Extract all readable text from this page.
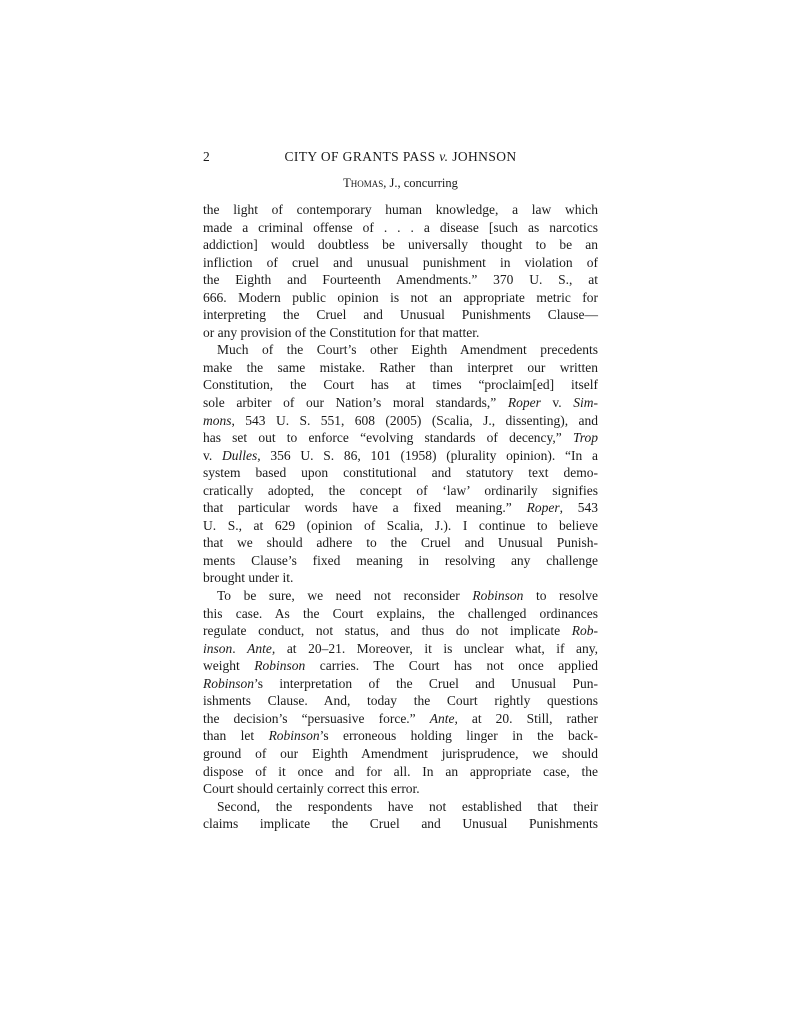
2	CITY OF GRANTS PASS v. JOHNSON
Thomas, J., concurring
the light of contemporary human knowledge, a law which
made a criminal offense of . . . a disease [such as narcotics
addiction] would doubtless be universally thought to be an
infliction of cruel and unusual punishment in violation of
the Eighth and Fourteenth Amendments.” 370 U. S., at
666. Modern public opinion is not an appropriate metric for
interpreting the Cruel and Unusual Punishments Clause—
or any provision of the Constitution for that matter.
Much of the Court’s other Eighth Amendment precedents
make the same mistake. Rather than interpret our written
Constitution, the Court has at times “proclaim[ed] itself
sole arbiter of our Nation’s moral standards,” Roper v. Sim-
mons, 543 U. S. 551, 608 (2005) (Scalia, J., dissenting), and
has set out to enforce “evolving standards of decency,” Trop
v. Dulles, 356 U. S. 86, 101 (1958) (plurality opinion). “In a
system based upon constitutional and statutory text demo-
cratically adopted, the concept of ‘law’ ordinarily signifies
that particular words have a fixed meaning.” Roper, 543
U. S., at 629 (opinion of Scalia, J.). I continue to believe
that we should adhere to the Cruel and Unusual Punish-
ments Clause’s fixed meaning in resolving any challenge
brought under it.
To be sure, we need not reconsider Robinson to resolve
this case. As the Court explains, the challenged ordinances
regulate conduct, not status, and thus do not implicate Rob-
inson. Ante, at 20–21. Moreover, it is unclear what, if any,
weight Robinson carries. The Court has not once applied
Robinson’s interpretation of the Cruel and Unusual Pun-
ishments Clause. And, today the Court rightly questions
the decision’s “persuasive force.” Ante, at 20. Still, rather
than let Robinson’s erroneous holding linger in the back-
ground of our Eighth Amendment jurisprudence, we should
dispose of it once and for all. In an appropriate case, the
Court should certainly correct this error.
Second, the respondents have not established that their
claims implicate the Cruel and Unusual Punishments
